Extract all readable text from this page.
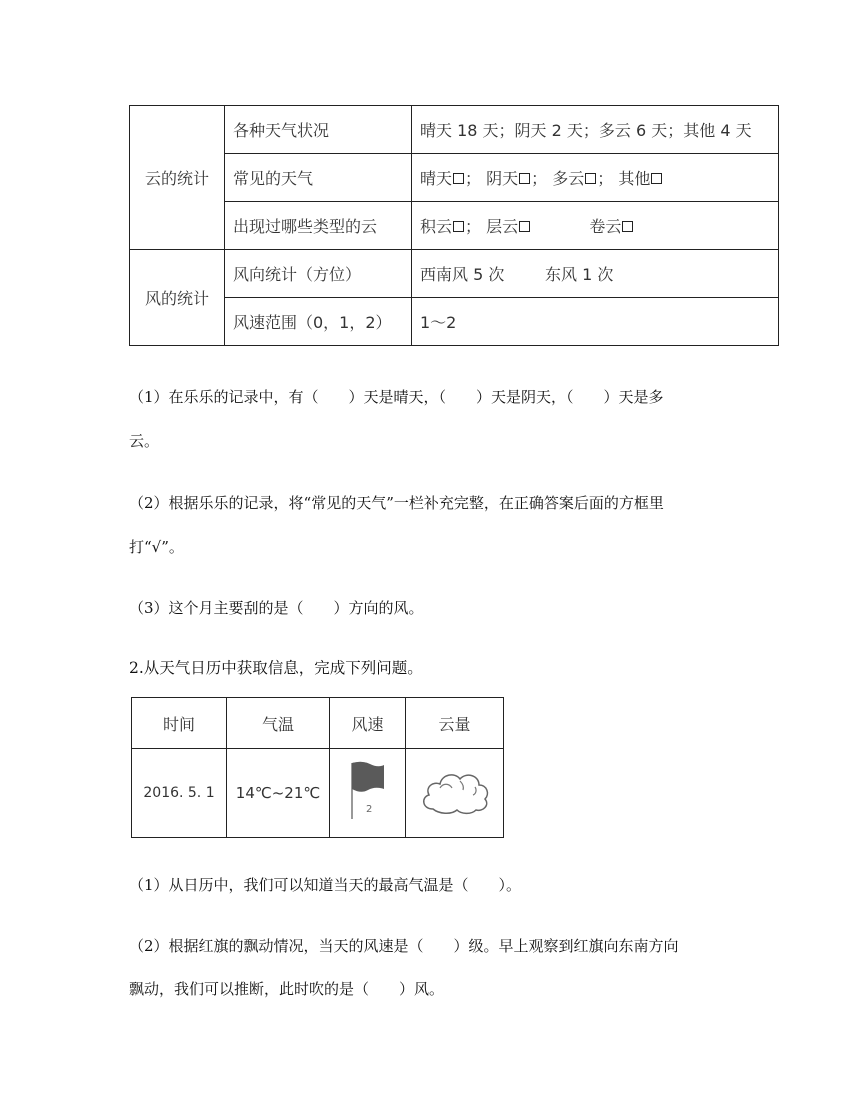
云的统计	各种天气状况	晴天 18 天；阴天 2 天；多云 6 天；其他 4 天
	常见的天气	晴天 ； 阴天 ； 多云 ； 其他
	出现过哪些类型的云	积云 ； 层云 卷云
风的统计	风向统计（方位）	西南风 5 次        东风 1 次
	风速范围（0，1，2）	1～2
（1）在乐乐的记录中，有（　　）天是晴天，（　　）天是阴天，（　　）天是多
云。
（2）根据乐乐的记录，将“常见的天气”一栏补充完整，在正确答案后面的方框里
打“√”。
（3）这个月主要刮的是（　　）方向的风。
2.从天气日历中获取信息，完成下列问题。
时间	气温	风速	云量
2016. 5. 1	14℃~21℃	2

（1）从日历中，我们可以知道当天的最高气温是（　　）。
（2）根据红旗的飘动情况，当天的风速是（　　）级。早上观察到红旗向东南方向
飘动，我们可以推断，此时吹的是（　　）风。
